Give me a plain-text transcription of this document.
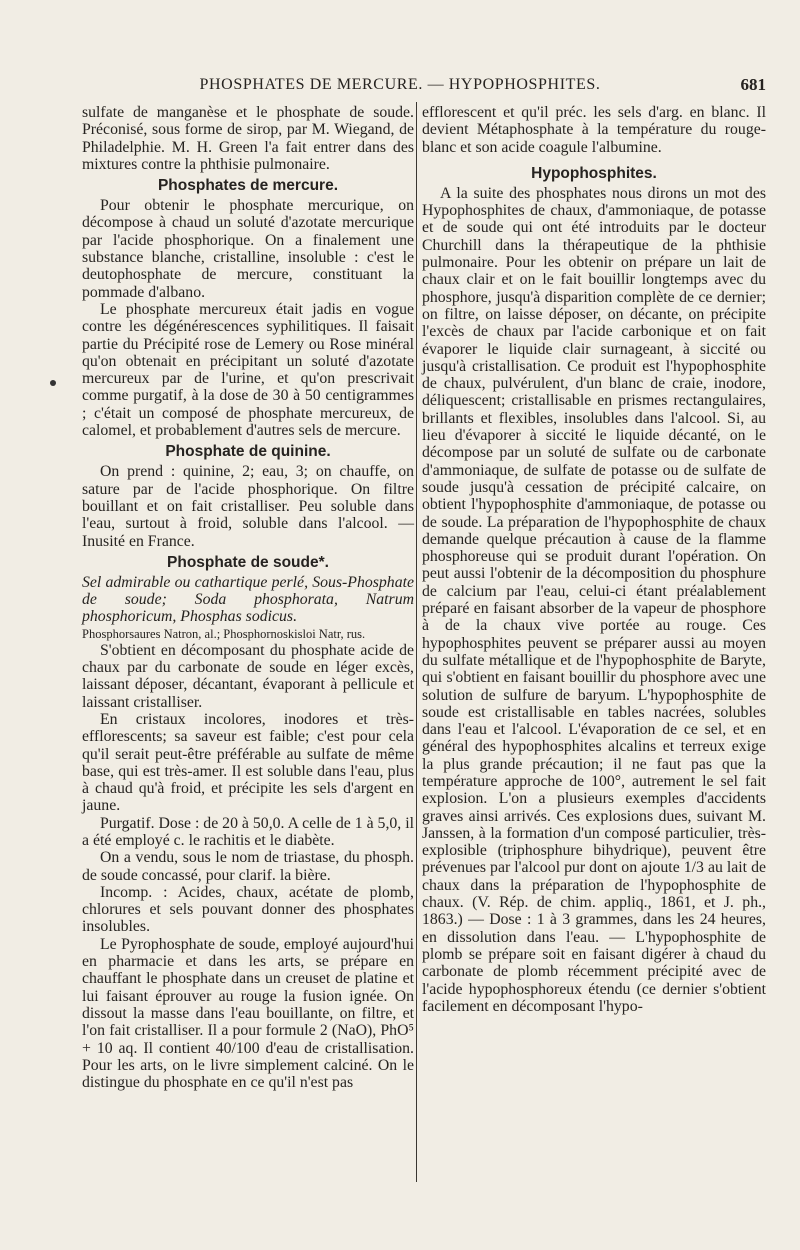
PHOSPHATES DE MERCURE. — HYPOPHOSPHITES.	681

sulfate de manganèse et le phosphate de soude. Préconisé, sous forme de sirop, par M. Wiegand, de Philadelphie. M. H. Green l'a fait entrer dans des mixtures contre la phthisie pulmonaire.

Phosphates de mercure.

Pour obtenir le phosphate mercurique, on décompose à chaud un soluté d'azotate mercurique par l'acide phosphorique. On a finalement une substance blanche, cristalline, insoluble : c'est le deutophosphate de mercure, constituant la pommade d'albano.

Le phosphate mercureux était jadis en vogue contre les dégénérescences syphilitiques. Il faisait partie du Précipité rose de Lemery ou Rose minéral qu'on obtenait en précipitant un soluté d'azotate mercureux par de l'urine, et qu'on prescrivait comme purgatif, à la dose de 30 à 50 centigrammes ; c'était un composé de phosphate mercureux, de calomel, et probablement d'autres sels de mercure.

Phosphate de quinine.

On prend : quinine, 2; eau, 3; on chauffe, on sature par de l'acide phosphorique. On filtre bouillant et on fait cristalliser. Peu soluble dans l'eau, surtout à froid, soluble dans l'alcool. — Inusité en France.

Phosphate de soude*.

Sel admirable ou cathartique perlé, Sous-Phosphate de soude; Soda phosphorata, Natrum phosphoricum, Phosphas sodicus.

Phosphorsaures Natron, al.; Phosphornoskisloi Natr, rus.

S'obtient en décomposant du phosphate acide de chaux par du carbonate de soude en léger excès, laissant déposer, décantant, évaporant à pellicule et laissant cristalliser.

En cristaux incolores, inodores et très-efflorescents; sa saveur est faible; c'est pour cela qu'il serait peut-être préférable au sulfate de même base, qui est très-amer. Il est soluble dans l'eau, plus à chaud qu'à froid, et précipite les sels d'argent en jaune.

Purgatif. Dose : de 20 à 50,0. A celle de 1 à 5,0, il a été employé c. le rachitis et le diabète.

On a vendu, sous le nom de triastase, du phosph. de soude concassé, pour clarif. la bière.

Incomp. : Acides, chaux, acétate de plomb, chlorures et sels pouvant donner des phosphates insolubles.

Le Pyrophosphate de soude, employé aujourd'hui en pharmacie et dans les arts, se prépare en chauffant le phosphate dans un creuset de platine et lui faisant éprouver au rouge la fusion ignée. On dissout la masse dans l'eau bouillante, on filtre, et l'on fait cristalliser. Il a pour formule 2 (NaO), PhO⁵ + 10 aq. Il contient 40/100 d'eau de cristallisation. Pour les arts, on le livre simplement calciné. On le distingue du phosphate en ce qu'il n'est pas

efflorescent et qu'il préc. les sels d'arg. en blanc. Il devient Métaphosphate à la température du rouge-blanc et son acide coagule l'albumine.

Hypophosphites.

A la suite des phosphates nous dirons un mot des Hypophosphites de chaux, d'ammoniaque, de potasse et de soude qui ont été introduits par le docteur Churchill dans la thérapeutique de la phthisie pulmonaire. Pour les obtenir on prépare un lait de chaux clair et on le fait bouillir longtemps avec du phosphore, jusqu'à disparition complète de ce dernier; on filtre, on laisse déposer, on décante, on précipite l'excès de chaux par l'acide carbonique et on fait évaporer le liquide clair surnageant, à siccité ou jusqu'à cristallisation. Ce produit est l'hypophosphite de chaux, pulvérulent, d'un blanc de craie, inodore, déliquescent; cristallisable en prismes rectangulaires, brillants et flexibles, insolubles dans l'alcool. Si, au lieu d'évaporer à siccité le liquide décanté, on le décompose par un soluté de sulfate ou de carbonate d'ammoniaque, de sulfate de potasse ou de sulfate de soude jusqu'à cessation de précipité calcaire, on obtient l'hypophosphite d'ammoniaque, de potasse ou de soude. La préparation de l'hypophosphite de chaux demande quelque précaution à cause de la flamme phosphoreuse qui se produit durant l'opération. On peut aussi l'obtenir de la décomposition du phosphure de calcium par l'eau, celui-ci étant préalablement préparé en faisant absorber de la vapeur de phosphore à de la chaux vive portée au rouge. Ces hypophosphites peuvent se préparer aussi au moyen du sulfate métallique et de l'hypophosphite de Baryte, qui s'obtient en faisant bouillir du phosphore avec une solution de sulfure de baryum. L'hypophosphite de soude est cristallisable en tables nacrées, solubles dans l'eau et l'alcool. L'évaporation de ce sel, et en général des hypophosphites alcalins et terreux exige la plus grande précaution; il ne faut pas que la température approche de 100°, autrement le sel fait explosion. L'on a plusieurs exemples d'accidents graves ainsi arrivés. Ces explosions dues, suivant M. Janssen, à la formation d'un composé particulier, très-explosible (triphosphure bihydrique), peuvent être prévenues par l'alcool pur dont on ajoute 1/3 au lait de chaux dans la préparation de l'hypophosphite de chaux. (V. Rép. de chim. appliq., 1861, et J. ph., 1863.) — Dose : 1 à 3 grammes, dans les 24 heures, en dissolution dans l'eau. — L'hypophosphite de plomb se prépare soit en faisant digérer à chaud du carbonate de plomb récemment précipité avec de l'acide hypophosphoreux étendu (ce dernier s'obtient facilement en décomposant l'hypo-
